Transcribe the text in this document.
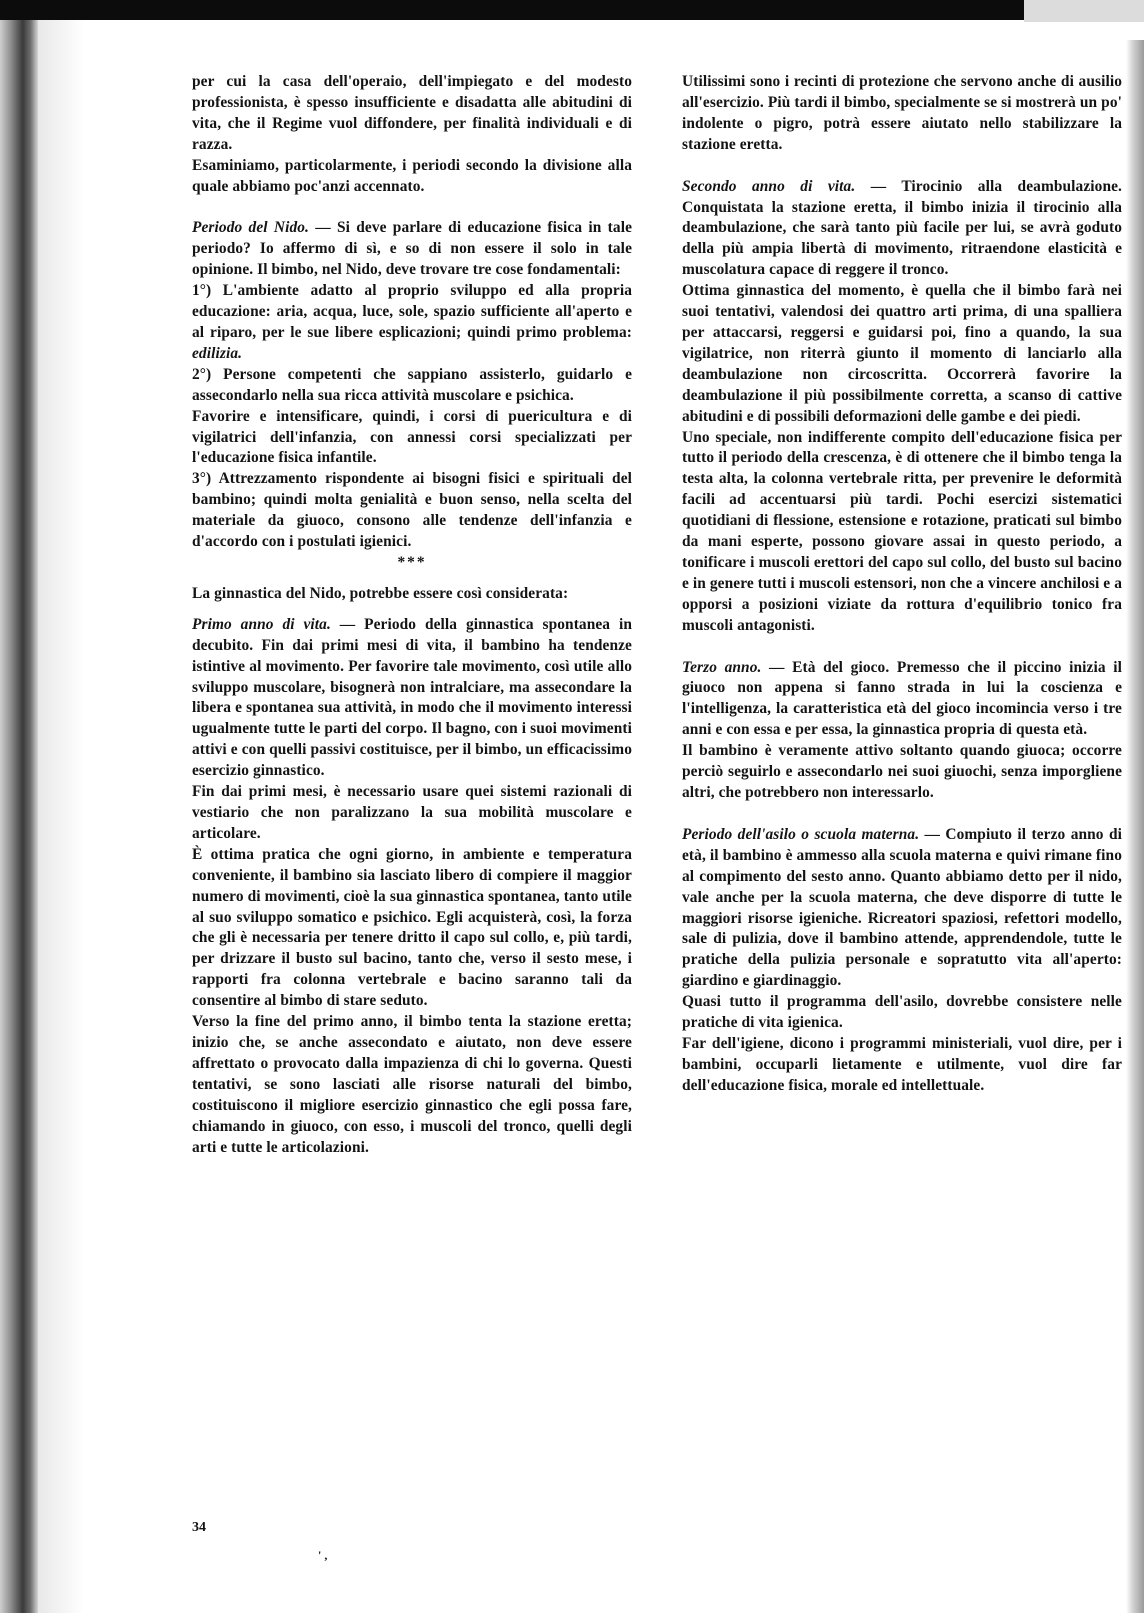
per cui la casa dell'operaio, dell'impiegato e del modesto professionista, è spesso insufficiente e disadatta alle abitudini di vita, che il Regime vuol diffondere, per finalità individuali e di razza.

Esaminiamo, particolarmente, i periodi secondo la divisione alla quale abbiamo poc'anzi accennato.

Periodo del Nido. — Si deve parlare di educazione fisica in tale periodo? Io affermo di sì, e so di non essere il solo in tale opinione. Il bimbo, nel Nido, deve trovare tre cose fondamentali:

1°) L'ambiente adatto al proprio sviluppo ed alla propria educazione: aria, acqua, luce, sole, spazio sufficiente all'aperto e al riparo, per le sue libere esplicazioni; quindi primo problema: edilizia.

2°) Persone competenti che sappiano assisterlo, guidarlo e assecondarlo nella sua ricca attività muscolare e psichica.

Favorire e intensificare, quindi, i corsi di puericultura e di vigilatrici dell'infanzia, con annessi corsi specializzati per l'educazione fisica infantile.

3°) Attrezzamento rispondente ai bisogni fisici e spirituali del bambino; quindi molta genialità e buon senso, nella scelta del materiale da giuoco, consono alle tendenze dell'infanzia e d'accordo con i postulati igienici.

***

La ginnastica del Nido, potrebbe essere così considerata:

Primo anno di vita. — Periodo della ginnastica spontanea in decubito. Fin dai primi mesi di vita, il bambino ha tendenze istintive al movimento. Per favorire tale movimento, così utile allo sviluppo muscolare, bisognerà non intralciare, ma assecondare la libera e spontanea sua attività, in modo che il movimento interessi ugualmente tutte le parti del corpo. Il bagno, con i suoi movimenti attivi e con quelli passivi costituisce, per il bimbo, un efficacissimo esercizio ginnastico.

Fin dai primi mesi, è necessario usare quei sistemi razionali di vestiario che non paralizzano la sua mobilità muscolare e articolare.

È ottima pratica che ogni giorno, in ambiente e temperatura conveniente, il bambino sia lasciato libero di compiere il maggior numero di movimenti, cioè la sua ginnastica spontanea, tanto utile al suo sviluppo somatico e psichico. Egli acquisterà, così, la forza che gli è necessaria per tenere dritto il capo sul collo, e, più tardi, per drizzare il busto sul bacino, tanto che, verso il sesto mese, i rapporti fra colonna vertebrale e bacino saranno tali da consentire al bimbo di stare seduto.

Verso la fine del primo anno, il bimbo tenta la stazione eretta; inizio che, se anche assecondato e aiutato, non deve essere affrettato o provocato dalla impazienza di chi lo governa. Questi tentativi, se sono lasciati alle risorse naturali del bimbo, costituiscono il migliore esercizio ginnastico che egli possa fare, chiamando in giuoco, con esso, i muscoli del tronco, quelli degli arti e tutte le articolazioni.

Utilissimi sono i recinti di protezione che servono anche di ausilio all'esercizio. Più tardi il bimbo, specialmente se si mostrerà un po' indolente o pigro, potrà essere aiutato nello stabilizzare la stazione eretta.

Secondo anno di vita. — Tirocinio alla deambulazione. Conquistata la stazione eretta, il bimbo inizia il tirocinio alla deambulazione, che sarà tanto più facile per lui, se avrà goduto della più ampia libertà di movimento, ritraendone elasticità e muscolatura capace di reggere il tronco.

Ottima ginnastica del momento, è quella che il bimbo farà nei suoi tentativi, valendosi dei quattro arti prima, di una spalliera per attaccarsi, reggersi e guidarsi poi, fino a quando, la sua vigilatrice, non riterrà giunto il momento di lanciarlo alla deambulazione non circoscritta. Occorrerà favorire la deambulazione il più possibilmente corretta, a scanso di cattive abitudini e di possibili deformazioni delle gambe e dei piedi.

Uno speciale, non indifferente compito dell'educazione fisica per tutto il periodo della crescenza, è di ottenere che il bimbo tenga la testa alta, la colonna vertebrale ritta, per prevenire le deformità facili ad accentuarsi più tardi. Pochi esercizi sistematici quotidiani di flessione, estensione e rotazione, praticati sul bimbo da mani esperte, possono giovare assai in questo periodo, a tonificare i muscoli erettori del capo sul collo, del busto sul bacino e in genere tutti i muscoli estensori, non che a vincere anchilosi e a opporsi a posizioni viziate da rottura d'equilibrio tonico fra muscoli antagonisti.

Terzo anno. — Età del gioco. Premesso che il piccino inizia il giuoco non appena si fanno strada in lui la coscienza e l'intelligenza, la caratteristica età del gioco incomincia verso i tre anni e con essa e per essa, la ginnastica propria di questa età.

Il bambino è veramente attivo soltanto quando giuoca; occorre perciò seguirlo e assecondarlo nei suoi giuochi, senza imporgliene altri, che potrebbero non interessarlo.

Periodo dell'asilo o scuola materna. — Compiuto il terzo anno di età, il bambino è ammesso alla scuola materna e quivi rimane fino al compimento del sesto anno. Quanto abbiamo detto per il nido, vale anche per la scuola materna, che deve disporre di tutte le maggiori risorse igieniche. Ricreatori spaziosi, refettori modello, sale di pulizia, dove il bambino attende, apprendendole, tutte le pratiche della pulizia personale e sopratutto vita all'aperto: giardino e giardinaggio.

Quasi tutto il programma dell'asilo, dovrebbe consistere nelle pratiche di vita igienica.

Far dell'igiene, dicono i programmi ministeriali, vuol dire, per i bambini, occuparli lietamente e utilmente, vuol dire far dell'educazione fisica, morale ed intellettuale.

34
' ,
